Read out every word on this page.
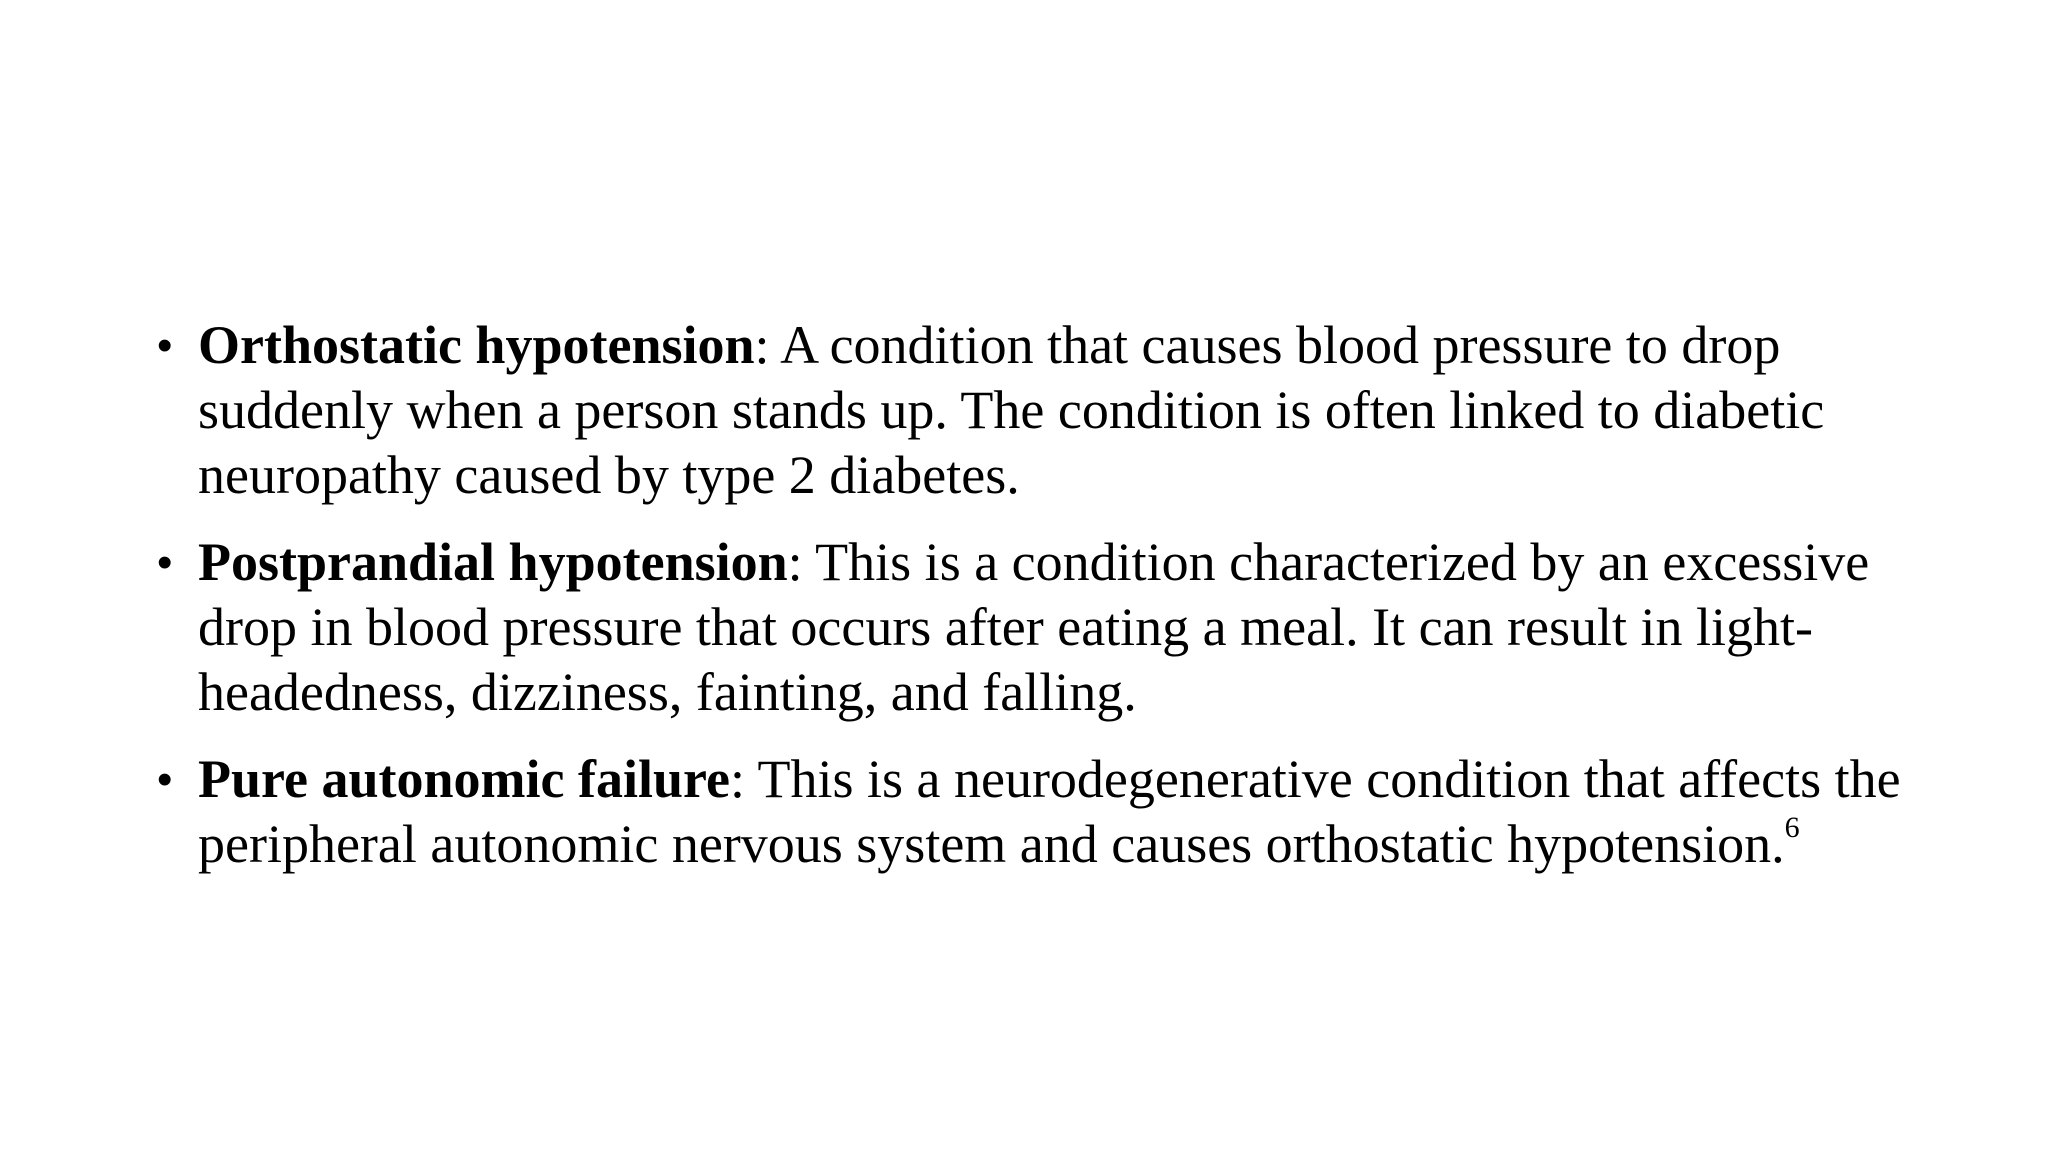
• Orthostatic hypotension: A condition that causes blood pressure to drop suddenly when a person stands up. The condition is often linked to diabetic neuropathy caused by type 2 diabetes.
• Postprandial hypotension: This is a condition characterized by an excessive drop in blood pressure that occurs after eating a meal. It can result in light-headedness, dizziness, fainting, and falling.
• Pure autonomic failure: This is a neurodegenerative condition that affects the peripheral autonomic nervous system and causes orthostatic hypotension.$^6$
